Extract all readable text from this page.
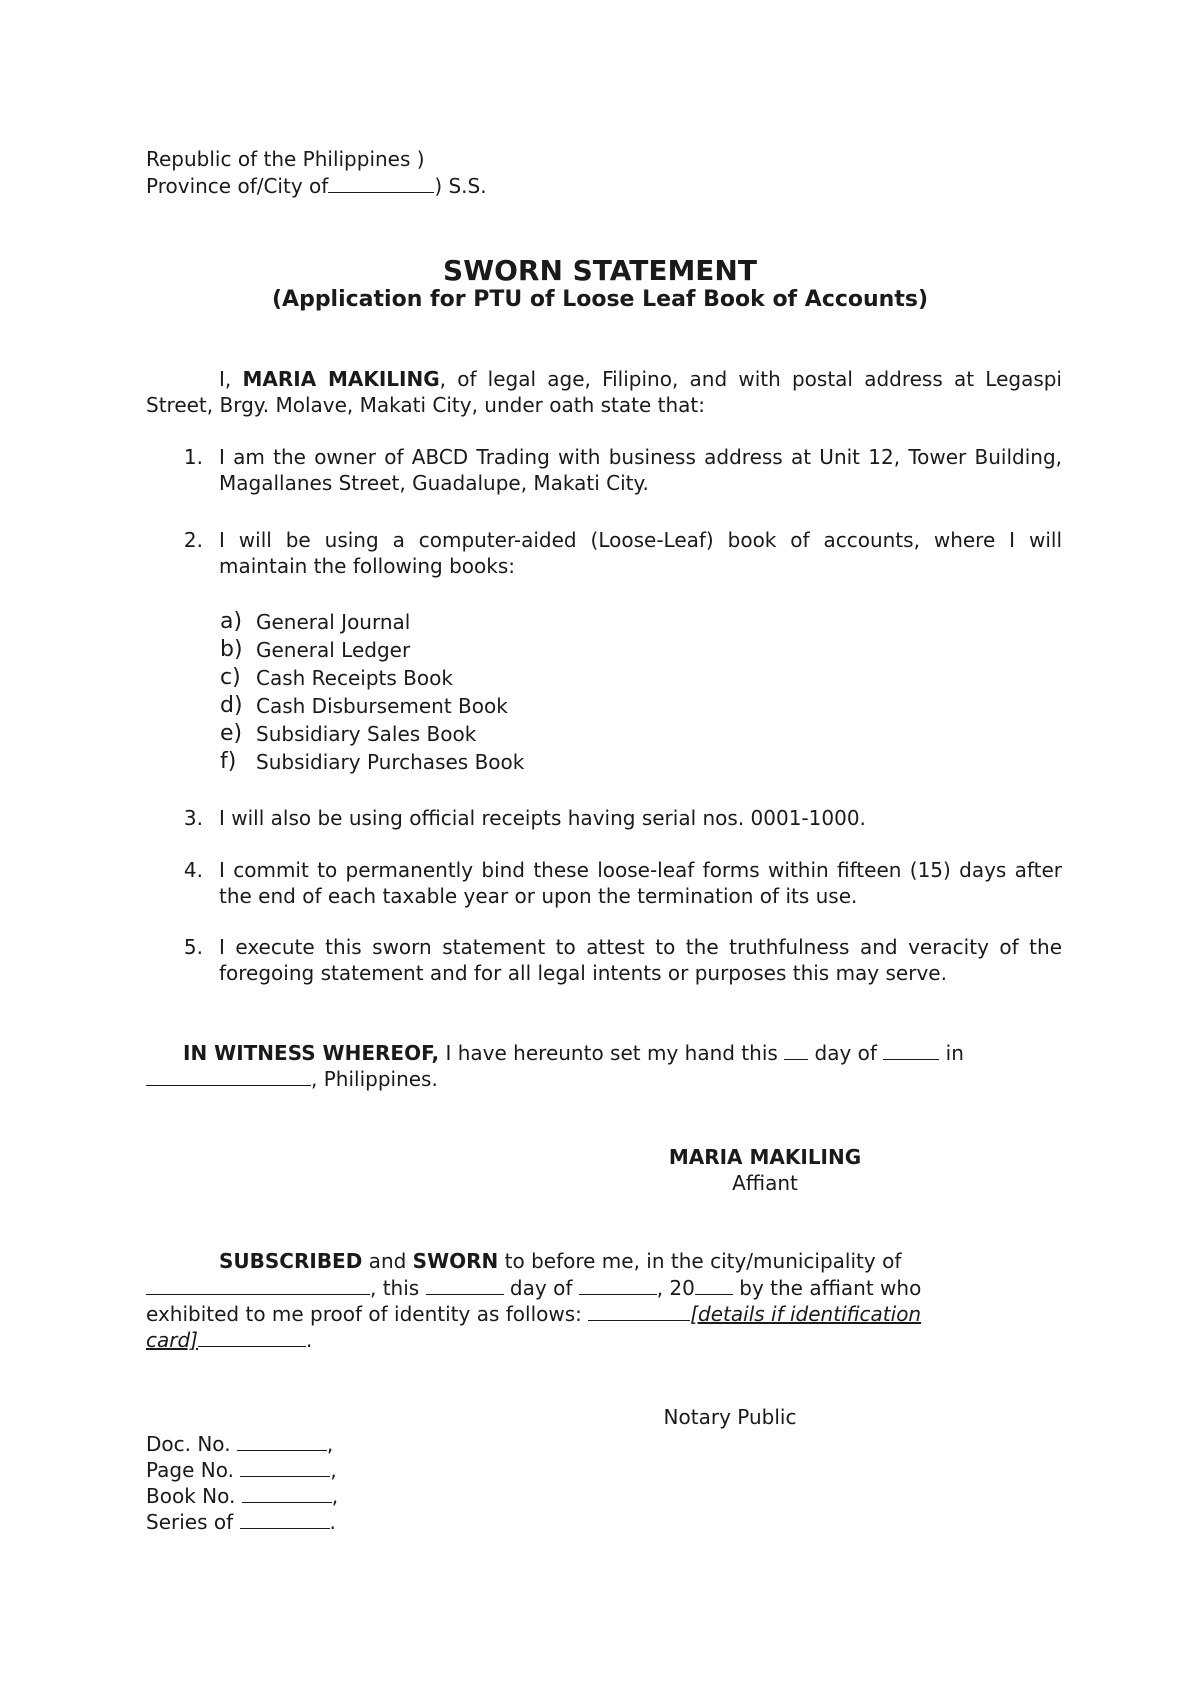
Republic of the Philippines )
Province of/City of	) S.S.
SWORN STATEMENT
(Application for PTU of Loose Leaf Book of Accounts)
I, MARIA MAKILING, of legal age, Filipino, and with postal address at Legaspi Street, Brgy. Molave, Makati City, under oath state that:
1. I am the owner of ABCD Trading with business address at Unit 12, Tower Building, Magallanes Street, Guadalupe, Makati City.
2. I will be using a computer-aided (Loose-Leaf) book of accounts, where I will maintain the following books:
a) General Journal
b) General Ledger
c) Cash Receipts Book
d) Cash Disbursement Book
e) Subsidiary Sales Book
f) Subsidiary Purchases Book
3. I will also be using official receipts having serial nos. 0001-1000.
4. I commit to permanently bind these loose-leaf forms within fifteen (15) days after the end of each taxable year or upon the termination of its use.
5. I execute this sworn statement to attest to the truthfulness and veracity of the foregoing statement and for all legal intents or purposes this may serve.
IN WITNESS WHEREOF, I have hereunto set my hand this  day of	in
, Philippines.
MARIA MAKILING
Affiant
SUBSCRIBED and SWORN to before me, in the city/municipality of
, this	day of	, 20 by the affiant who
exhibited to me proof of identity as follows:	[details if identification
card]	.
Notary Public
Doc. No.	,
Page No.	,
Book No.	,
Series of	.
